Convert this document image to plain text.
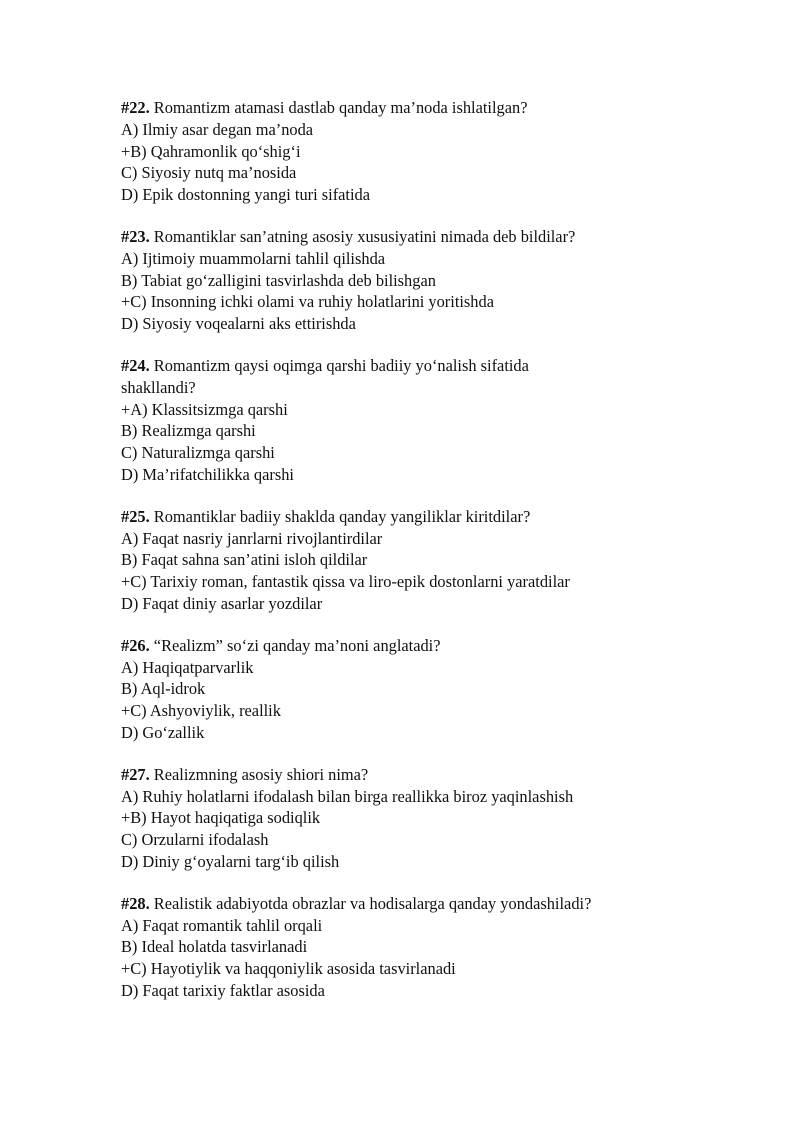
#22. Romantizm atamasi dastlab qanday ma’noda ishlatilgan?

A) Ilmiy asar degan ma’noda

+B) Qahramonlik qo‘shig‘i

C) Siyosiy nutq ma’nosida

D) Epik dostonning yangi turi sifatida

#23. Romantiklar san’atning asosiy xususiyatini nimada deb bildilar?

A) Ijtimoiy muammolarni tahlil qilishda

B) Tabiat go‘zalligini tasvirlashda deb bilishgan

+C) Insonning ichki olami va ruhiy holatlarini yoritishda

D) Siyosiy voqealarni aks ettirishda

#24. Romantizm qaysi oqimga qarshi badiiy yo‘nalish sifatida shakllandi?

+A) Klassitsizmga qarshi

B) Realizmga qarshi

C) Naturalizmga qarshi

D) Ma’rifatchilikka qarshi

#25. Romantiklar badiiy shaklda qanday yangiliklar kiritdilar?

A) Faqat nasriy janrlarni rivojlantirdilar

B) Faqat sahna san’atini isloh qildilar

+C) Tarixiy roman, fantastik qissa va liro-epik dostonlarni yaratdilar

D) Faqat diniy asarlar yozdilar

#26. “Realizm” so‘zi qanday ma’noni anglatadi?

A) Haqiqatparvarlik

B) Aql-idrok

+C) Ashyoviylik, reallik

D) Go‘zallik

#27. Realizmning asosiy shiori nima?

A) Ruhiy holatlarni ifodalash bilan birga reallikka biroz yaqinlashish

+B) Hayot haqiqatiga sodiqlik

C) Orzularni ifodalash

D) Diniy g‘oyalarni targ‘ib qilish

#28. Realistik adabiyotda obrazlar va hodisalarga qanday yondashiladi?

A) Faqat romantik tahlil orqali

B) Ideal holatda tasvirlanadi

+C) Hayotiylik va haqqoniylik asosida tasvirlanadi

D) Faqat tarixiy faktlar asosida
